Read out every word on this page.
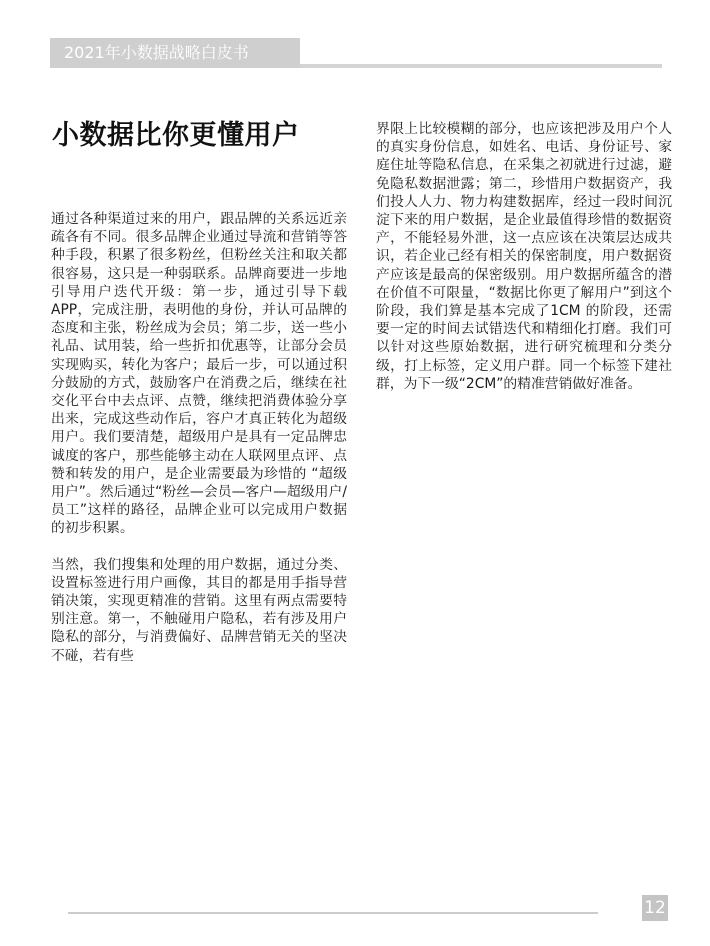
2021年小数据战略白皮书
小数据比你更懂用户

通过各种渠道过来的用户，跟品牌的关系远近亲疏各有不同。很多品牌企业通过导流和营销等答种手段，积累了很多粉丝，但粉丝关注和取关都很容易，这只是一种弱联系。品牌商要进一步地引导用户迭代开级：第一步，通过引导下载APP，完成注册，表明他的身份，并认可品牌的态度和主张，粉丝成为会员；第二步，送一些小礼品、试用装，给一些折扣优惠等，让部分会员实现购买，转化为客户；最后一步，可以通过积分鼓励的方式，鼓励客户在消费之后，继续在社交化平台中去点评、点赞，继续把消费体验分享出来，完成这些动作后，容户才真正转化为超级用户。我们要清楚，超级用户是具有一定品牌忠诚度的客户，那些能够主动在人联网里点评、点赞和转发的用户，是企业需要最为珍惜的 “超级用户”。然后通过“粉丝—会员—客户—超级用户/员工”这样的路径，品牌企业可以完成用户数据的初步积累。

当然，我们搜集和处理的用户数据，通过分类、设置标签进行用户画像，其目的都是用手指导营销决策，实现更精准的营销。这里有两点需要特别注意。第一，不触碰用户隐私，若有涉及用户隐私的部分，与消费偏好、品牌营销无关的坚决不碰，若有些

界限上比较模糊的部分，也应该把涉及用户个人的真实身份信息，如姓名、电话、身份证号、家庭住址等隐私信息，在采集之初就进行过滤，避免隐私数据泄露；第二，珍惜用户数据资产，我们投人人力、物力构建数据库，经过一段时间沉淀下来的用户数据，是企业最值得珍惜的数据资产，不能轻易外泄，这一点应该在决策层达成共识，若企业己经有相关的保密制度，用户数据资产应该是最高的保密级别。用户数据所蕴含的潜在价值不可限量，“数据比你更了解用户”到这个阶段，我们算是基本完成了1CM 的阶段，还需要一定的时间去试错迭代和精细化打磨。我们可以针对这些原始数据，进行研究梳理和分类分级，打上标签，定义用户群。同一个标签下建社群，为下一级“2CM”的精准营销做好准备。

12
